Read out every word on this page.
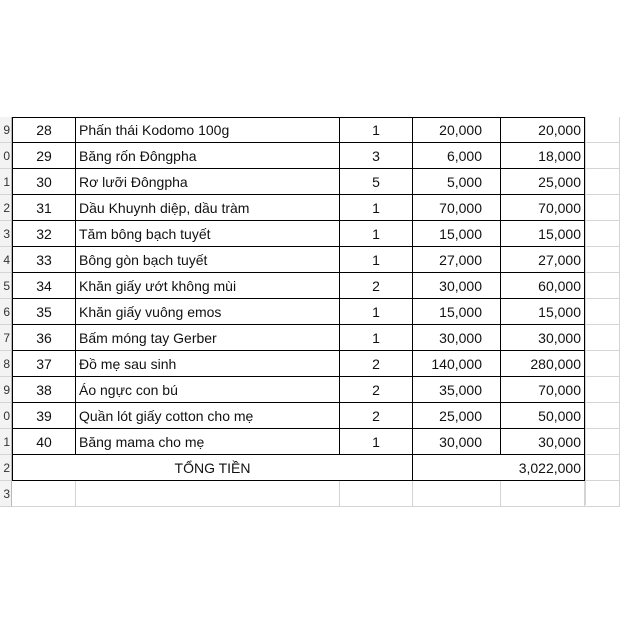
9	28	Phấn thái Kodomo 100g	1	20,000	20,000
0	29	Băng rốn Đôngpha	3	6,000	18,000
1	30	Rơ lưỡi Đôngpha	5	5,000	25,000
2	31	Dầu Khuynh diệp, dầu tràm	1	70,000	70,000
3	32	Tăm bông bạch tuyết	1	15,000	15,000
4	33	Bông gòn bạch tuyết	1	27,000	27,000
5	34	Khăn giấy ướt không mùi	2	30,000	60,000
6	35	Khăn giấy vuông emos	1	15,000	15,000
7	36	Bấm móng tay Gerber	1	30,000	30,000
8	37	Đồ mẹ sau sinh	2	140,000	280,000
9	38	Áo ngực con bú	2	35,000	70,000
0	39	Quần lót giấy cotton cho mẹ	2	25,000	50,000
1	40	Băng mama cho mẹ	1	30,000	30,000
2	TỔNG TIỀN	3,022,000
3
